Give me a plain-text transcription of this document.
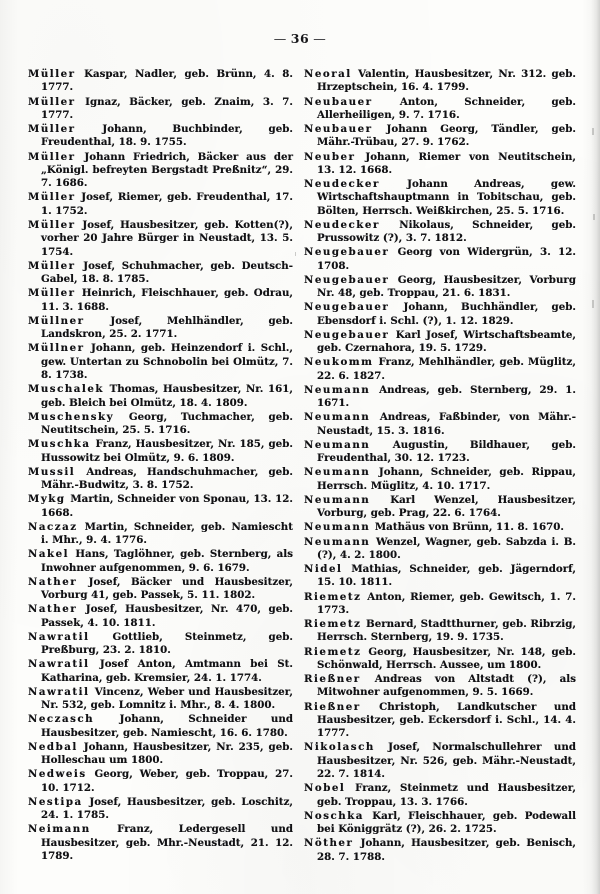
— 36 —

Müller Kaspar, Nadler, geb. Brünn, 4. 8. 1777.

Müller Ignaz, Bäcker, geb. Znaim, 3. 7. 1777.

Müller Johann, Buchbinder, geb. Freudenthal, 18. 9. 1755.

Müller Johann Friedrich, Bäcker aus der „Königl. befreyten Bergstadt Preßnitz“, 29. 7. 1686.

Müller Josef, Riemer, geb. Freudenthal, 17. 1. 1752.

Müller Josef, Hausbesitzer, geb. Kotten(?), vorher 20 Jahre Bürger in Neustadt, 13. 5. 1754.

Müller Josef, Schuhmacher, geb. Deutsch-Gabel, 18. 8. 1785.

Müller Heinrich, Fleischhauer, geb. Odrau, 11. 3. 1688.

Müllner Josef, Mehlhändler, geb. Landskron, 25. 2. 1771.

Müllner Johann, geb. Heinzendorf i. Schl., gew. Untertan zu Schnobolin bei Olmütz, 7. 8. 1738.

Muschalek Thomas, Hausbesitzer, Nr. 161, geb. Bleich bei Olmütz, 18. 4. 1809.

Muschensky Georg, Tuchmacher, geb. Neutitschein, 25. 5. 1716.

Muschka Franz, Hausbesitzer, Nr. 185, geb. Hussowitz bei Olmütz, 9. 6. 1809.

Mussil Andreas, Handschuhmacher, geb. Mähr.-Budwitz, 3. 8. 1752.

Mykg Martin, Schneider von Sponau, 13. 12. 1668.

Naczaz Martin, Schneider, geb. Namiescht i. Mhr., 9. 4. 1776.

Nakel Hans, Taglöhner, geb. Sternberg, als Inwohner aufgenommen, 9. 6. 1679.

Nather Josef, Bäcker und Hausbesitzer, Vorburg 41, geb. Passek, 5. 11. 1802.

Nather Josef, Hausbesitzer, Nr. 470, geb. Passek, 4. 10. 1811.

Nawratil Gottlieb, Steinmetz, geb. Preßburg, 23. 2. 1810.

Nawratil Josef Anton, Amtmann bei St. Katharina, geb. Kremsier, 24. 1. 1774.

Nawratil Vincenz, Weber und Hausbesitzer, Nr. 532, geb. Lomnitz i. Mhr., 8. 4. 1800.

Neczasch Johann, Schneider und Hausbesitzer, geb. Namiescht, 16. 6. 1780.

Nedbal Johann, Hausbesitzer, Nr. 235, geb. Holleschau um 1800.

Nedweis Georg, Weber, geb. Troppau, 27. 10. 1712.

Nestipa Josef, Hausbesitzer, geb. Loschitz, 24. 1. 1785.

Neimann Franz, Ledergesell und Hausbesitzer, geb. Mhr.-Neustadt, 21. 12. 1789.

Neoral Valentin, Hausbesitzer, Nr. 312. geb. Hrzeptschein, 16. 4. 1799.

Neubauer Anton, Schneider, geb. Allerheiligen, 9. 7. 1716.

Neubauer Johann Georg, Tändler, geb. Mähr.-Trübau, 27. 9. 1762.

Neuber Johann, Riemer von Neutitschein, 13. 12. 1668.

Neudecker Johann Andreas, gew. Wirtschaftshauptmann in Tobitschau, geb. Bölten, Herrsch. Weißkirchen, 25. 5. 1716.

Neudecker Nikolaus, Schneider, geb. Prussowitz (?), 3. 7. 1812.

Neugebauer Georg von Widergrün, 3. 12. 1708.

Neugebauer Georg, Hausbesitzer, Vorburg Nr. 48, geb. Troppau, 21. 6. 1831.

Neugebauer Johann, Buchhändler, geb. Ebensdorf i. Schl. (?), 1. 12. 1829.

Neugebauer Karl Josef, Wirtschaftsbeamte, geb. Czernahora, 19. 5. 1729.

Neukomm Franz, Mehlhändler, geb. Müglitz, 22. 6. 1827.

Neumann Andreas, geb. Sternberg, 29. 1. 1671.

Neumann Andreas, Faßbinder, von Mähr.-Neustadt, 15. 3. 1816.

Neumann Augustin, Bildhauer, geb. Freudenthal, 30. 12. 1723.

Neumann Johann, Schneider, geb. Rippau, Herrsch. Müglitz, 4. 10. 1717.

Neumann Karl Wenzel, Hausbesitzer, Vorburg, geb. Prag, 22. 6. 1764.

Neumann Mathäus von Brünn, 11. 8. 1670.

Neumann Wenzel, Wagner, geb. Sabzda i. B. (?), 4. 2. 1800.

Nidel Mathias, Schneider, geb. Jägerndorf, 15. 10. 1811.

Riemetz Anton, Riemer, geb. Gewitsch, 1. 7. 1773.

Riemetz Bernard, Stadtthurner, geb. Ribrzig, Herrsch. Sternberg, 19. 9. 1735.

Riemetz Georg, Hausbesitzer, Nr. 148, geb. Schönwald, Herrsch. Aussee, um 1800.

Rießner Andreas von Altstadt (?), als Mitwohner aufgenommen, 9. 5. 1669.

Rießner Christoph, Landkutscher und Hausbesitzer, geb. Eckersdorf i. Schl., 14. 4. 1777.

Nikolasch Josef, Normalschullehrer und Hausbesitzer, Nr. 526, geb. Mähr.-Neustadt, 22. 7. 1814.

Nobel Franz, Steinmetz und Hausbesitzer, geb. Troppau, 13. 3. 1766.

Noschka Karl, Fleischhauer, geb. Podewall bei Königgrätz (?), 26. 2. 1725.

Nöther Johann, Hausbesitzer, geb. Benisch, 28. 7. 1788.
